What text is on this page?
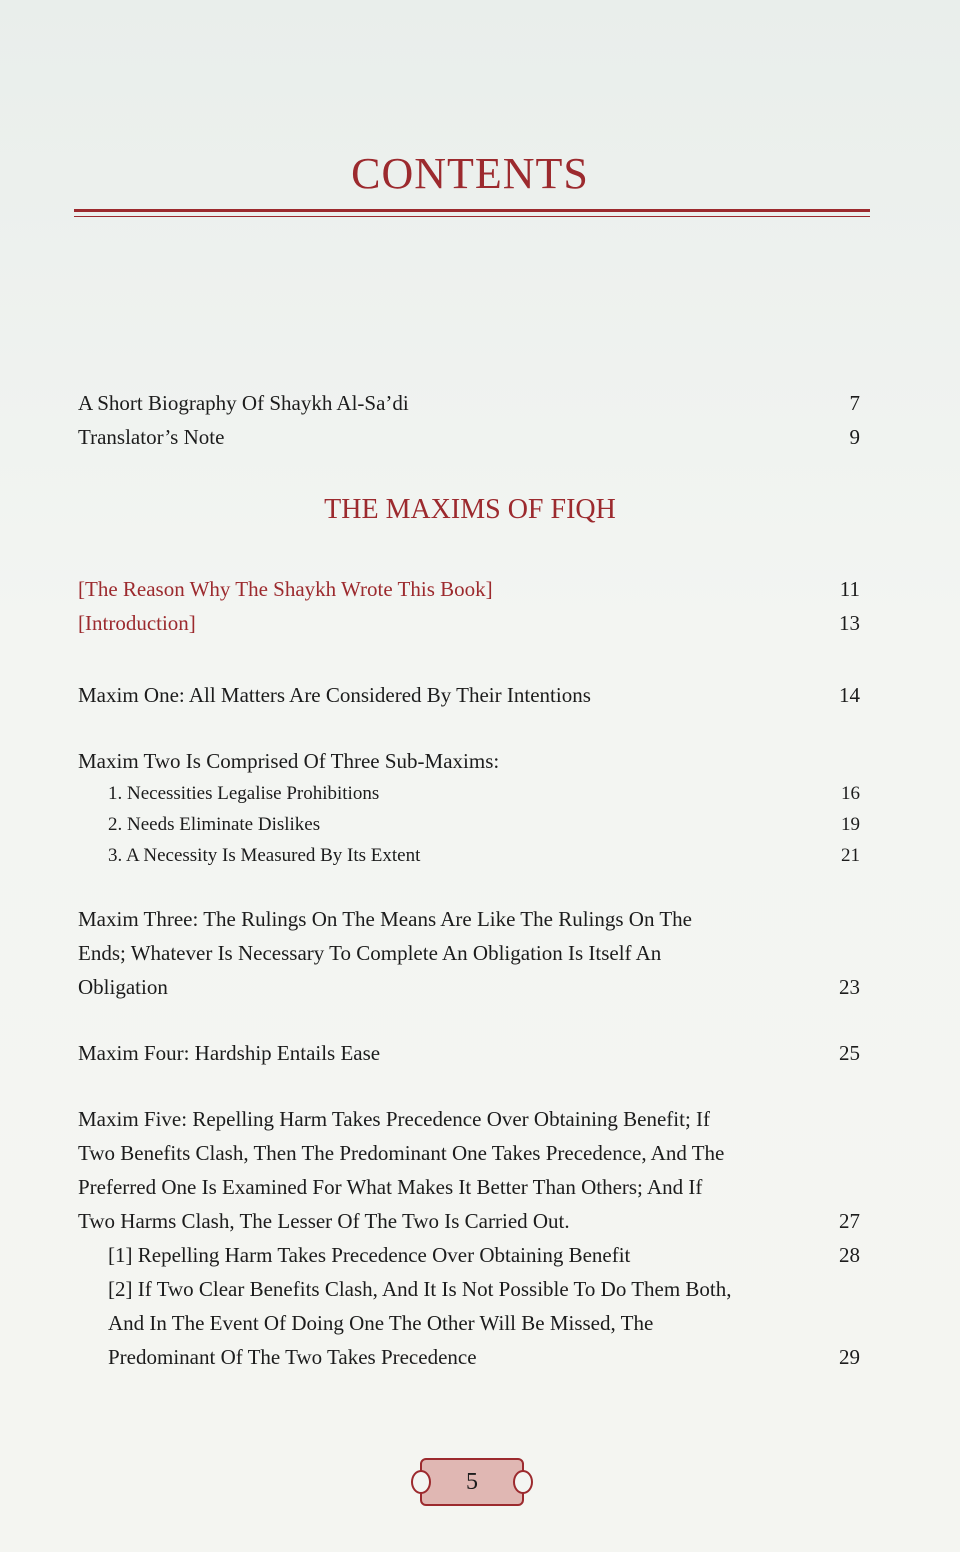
CONTENTS
A Short Biography Of Shaykh Al-Sa’di	7
Translator’s Note	9
THE MAXIMS OF FIQH
[The Reason Why The Shaykh Wrote This Book]	11
[Introduction]	13
Maxim One: All Matters Are Considered By Their Intentions	14
Maxim Two Is Comprised Of Three Sub-Maxims:
1. Necessities Legalise Prohibitions	16
2. Needs Eliminate Dislikes	19
3. A Necessity Is Measured By Its Extent	21
Maxim Three: The Rulings On The Means Are Like The Rulings On The
Ends; Whatever Is Necessary To Complete An Obligation Is Itself An
Obligation	23
Maxim Four: Hardship Entails Ease	25
Maxim Five: Repelling Harm Takes Precedence Over Obtaining Benefit; If
Two Benefits Clash, Then The Predominant One Takes Precedence, And The
Preferred One Is Examined For What Makes It Better Than Others; And If
Two Harms Clash, The Lesser Of The Two Is Carried Out.	27
[1] Repelling Harm Takes Precedence Over Obtaining Benefit	28
[2] If Two Clear Benefits Clash, And It Is Not Possible To Do Them Both,
And In The Event Of Doing One The Other Will Be Missed, The
Predominant Of The Two Takes Precedence	29
5
